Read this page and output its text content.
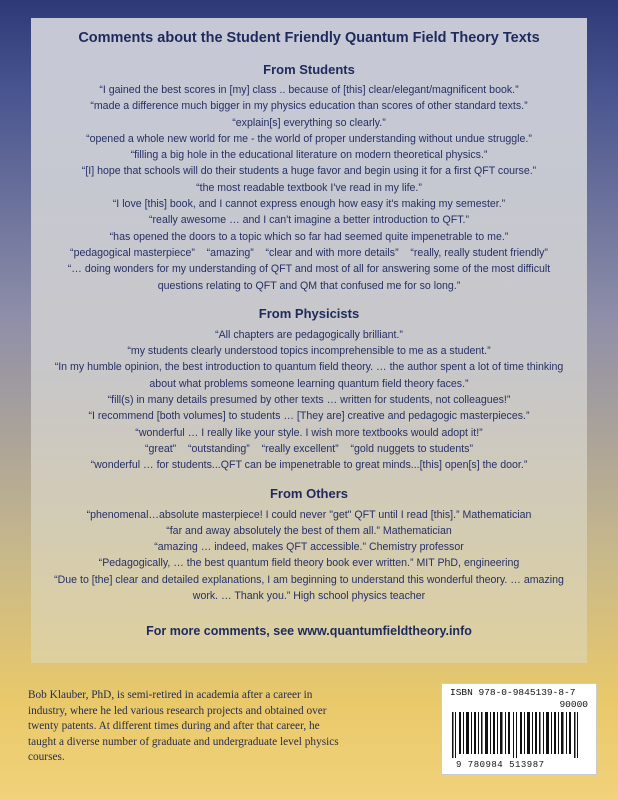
Comments about the Student Friendly Quantum Field Theory Texts
From Students
“I gained the best scores in [my] class .. because of [this] clear/elegant/magnificent book.”
“made a difference much bigger in my physics education than scores of other standard texts.”
“explain[s] everything so clearly.”
“opened a whole new world for me - the world of proper understanding without undue struggle.”
“filling a big hole in the educational literature on modern theoretical physics.”
“[I] hope that schools will do their students a huge favor and begin using it for a first QFT course.”
“the most readable textbook I've read in my life.”
“I love [this] book, and I cannot express enough how easy it's making my semester.”
“really awesome … and I can't imagine a better introduction to QFT.”
“has opened the doors to a topic which so far had seemed quite impenetrable to me.”
“pedagogical masterpiece”    “amazing”    “clear and with more details”    “really, really student friendly”
“… doing wonders for my understanding of QFT and most of all for answering some of the most difficult questions relating to QFT and QM that confused me for so long.”
From Physicists
“All chapters are pedagogically brilliant.”
“my students clearly understood topics incomprehensible to me as a student.”
“In my humble opinion, the best introduction to quantum field theory. … the author spent a lot of time thinking about what problems someone learning quantum field theory faces.”
“fill(s) in many details presumed by other texts … written for students, not colleagues!”
“I recommend [both volumes] to students … [They are] creative and pedagogic masterpieces.”
“wonderful … I really like your style. I wish more textbooks would adopt it!”
“great”    “outstanding”    “really excellent”    “gold nuggets to students”
“wonderful … for students...QFT can be impenetrable to great minds...[this] open[s] the door.”
From Others
“phenomenal…absolute masterpiece! I could never "get" QFT until I read [this].” Mathematician
“far and away absolutely the best of them all.” Mathematician
“amazing … indeed, makes QFT accessible.” Chemistry professor
“Pedagogically, … the best quantum field theory book ever written.” MIT PhD, engineering
“Due to [the] clear and detailed explanations, I am beginning to understand this wonderful theory. … amazing work. … Thank you.” High school physics teacher
For more comments, see www.quantumfieldtheory.info
Bob Klauber, PhD, is semi-retired in academia after a career in industry, where he led various research projects and obtained over twenty patents. At different times during and after that career, he taught a diverse number of graduate and undergraduate level physics courses.
ISBN 978-0-9845139-8-7
90000
9 780984 513987
